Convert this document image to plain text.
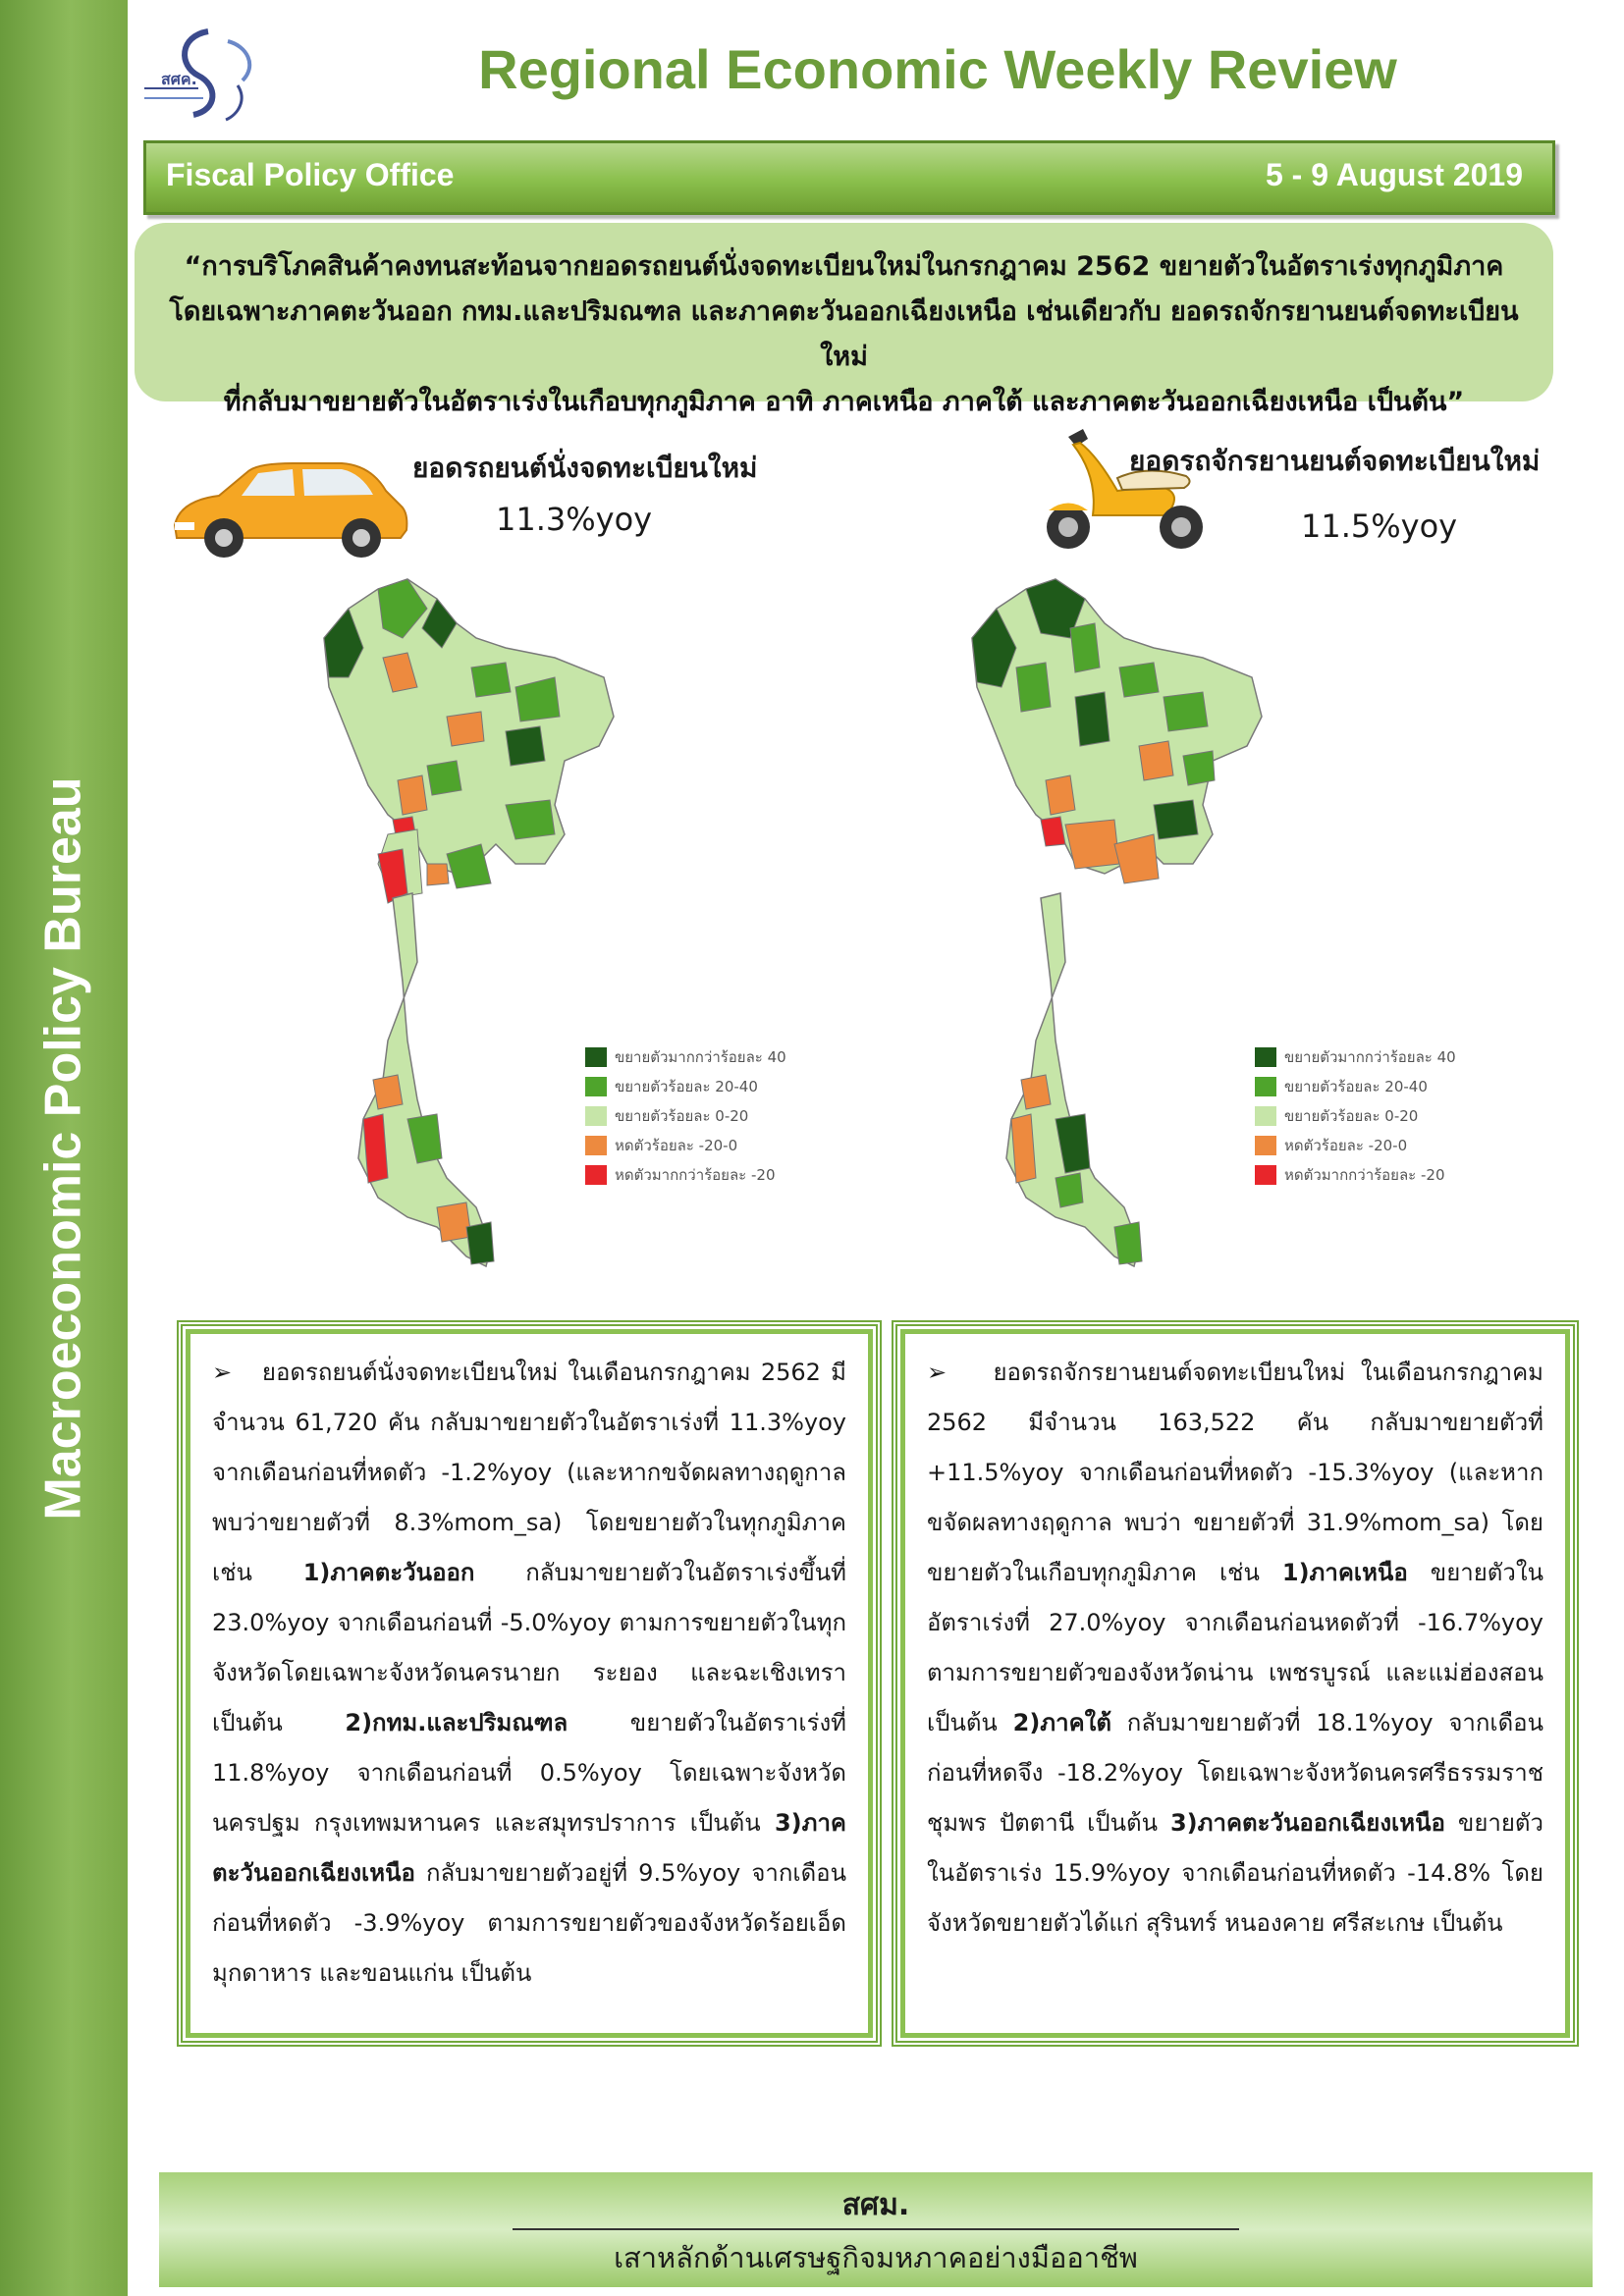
Macroeconomic Policy Bureau
สศค.	Regional Economic Weekly Review
Fiscal Policy Office	5 - 9 August 2019
“การบริโภคสินค้าคงทนสะท้อนจากยอดรถยนต์นั่งจดทะเบียนใหม่ในกรกฎาคม 2562 ขยายตัวในอัตราเร่งทุกภูมิภาค
โดยเฉพาะภาคตะวันออก กทม.และปริมณฑล และภาคตะวันออกเฉียงเหนือ เช่นเดียวกับ ยอดรถจักรยานยนต์จดทะเบียนใหม่
ที่กลับมาขยายตัวในอัตราเร่งในเกือบทุกภูมิภาค อาทิ ภาคเหนือ ภาคใต้ และภาคตะวันออกเฉียงเหนือ เป็นต้น”
ยอดรถยนต์นั่งจดทะเบียนใหม่
11.3%yoy
ยอดรถจักรยานยนต์จดทะเบียนใหม่
11.5%yoy
ขยายตัวมากกว่าร้อยละ 40
ขยายตัวร้อยละ 20-40
ขยายตัวร้อยละ 0-20
หดตัวร้อยละ -20-0
หดตัวมากกว่าร้อยละ -20
ขยายตัวมากกว่าร้อยละ 40
ขยายตัวร้อยละ 20-40
ขยายตัวร้อยละ 0-20
หดตัวร้อยละ -20-0
หดตัวมากกว่าร้อยละ -20
➢   ยอดรถยนต์นั่งจดทะเบียนใหม่ ในเดือนกรกฎาคม 2562 มีจำนวน 61,720 คัน กลับมาขยายตัวในอัตราเร่งที่ 11.3%yoy จากเดือนก่อนที่หดตัว -1.2%yoy (และหากขจัดผลทางฤดูกาล พบว่าขยายตัวที่ 8.3%mom_sa) โดยขยายตัวในทุกภูมิภาค เช่น 1)ภาคตะวันออก กลับมาขยายตัวในอัตราเร่งขึ้นที่ 23.0%yoy จากเดือนก่อนที่ -5.0%yoy ตามการขยายตัวในทุกจังหวัดโดยเฉพาะจังหวัดนครนายก ระยอง และฉะเชิงเทราเป็นต้น 2)กทม.และปริมณฑล ขยายตัวในอัตราเร่งที่ 11.8%yoy จากเดือนก่อนที่ 0.5%yoy โดยเฉพาะจังหวัดนครปฐม กรุงเทพมหานคร และสมุทรปราการ เป็นต้น 3)ภาคตะวันออกเฉียงเหนือ กลับมาขยายตัวอยู่ที่ 9.5%yoy จากเดือนก่อนที่หดตัว -3.9%yoy ตามการขยายตัวของจังหวัดร้อยเอ็ด มุกดาหาร และขอนแก่น เป็นต้น
➢   ยอดรถจักรยานยนต์จดทะเบียนใหม่ ในเดือนกรกฎาคม 2562 มีจำนวน 163,522 คัน กลับมาขยายตัวที่ +11.5%yoy จากเดือนก่อนที่หดตัว -15.3%yoy (และหากขจัดผลทางฤดูกาล พบว่า ขยายตัวที่ 31.9%mom_sa) โดยขยายตัวในเกือบทุกภูมิภาค เช่น 1)ภาคเหนือ ขยายตัวในอัตราเร่งที่ 27.0%yoy จากเดือนก่อนหดตัวที่ -16.7%yoy ตามการขยายตัวของจังหวัดน่าน เพชรบูรณ์ และแม่ฮ่องสอน เป็นต้น 2)ภาคใต้ กลับมาขยายตัวที่ 18.1%yoy จากเดือนก่อนที่หดจึง -18.2%yoy โดยเฉพาะจังหวัดนครศรีธรรมราช ชุมพร ปัตตานี เป็นต้น 3)ภาคตะวันออกเฉียงเหนือ ขยายตัวในอัตราเร่ง 15.9%yoy จากเดือนก่อนที่หดตัว -14.8% โดยจังหวัดขยายตัวได้แก่ สุรินทร์ หนองคาย ศรีสะเกษ เป็นต้น
สศม.
เสาหลักด้านเศรษฐกิจมหภาคอย่างมืออาชีพ
